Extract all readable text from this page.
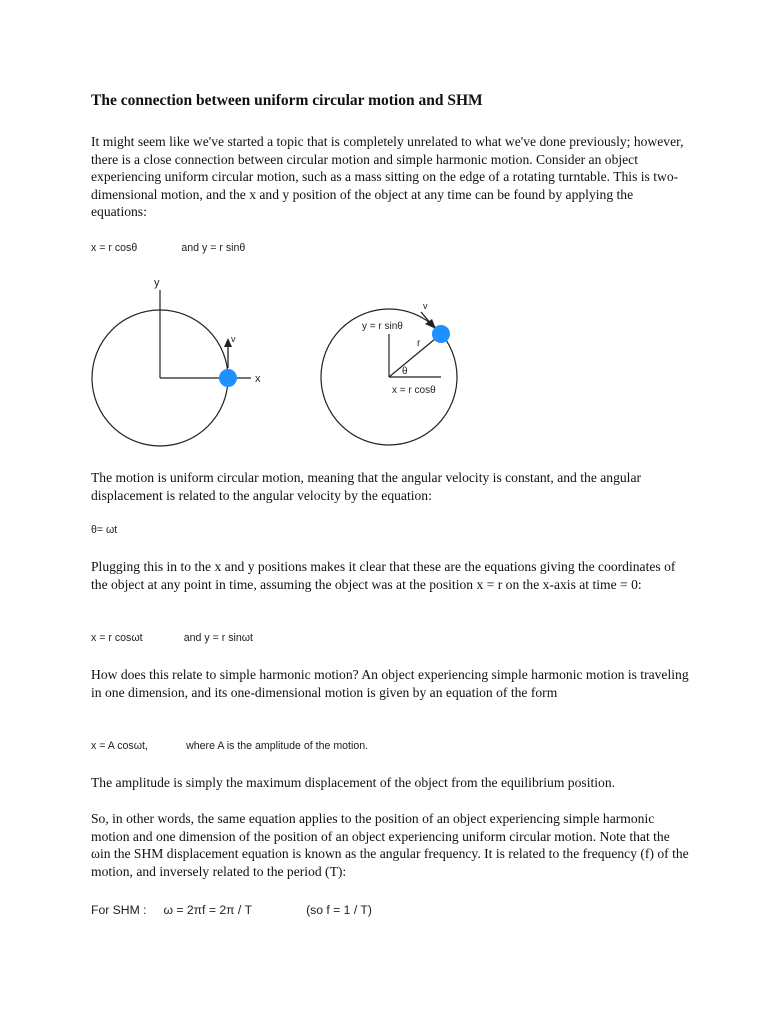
The connection between uniform circular motion and SHM

It might seem like we've started a topic that is completely unrelated to what we've done previously; however, there is a close connection between circular motion and simple harmonic motion. Consider an object experiencing uniform circular motion, such as a mass sitting on the edge of a rotating turntable. This is two-dimensional motion, and the x and y position of the object at any time can be found by applying the equations:

x = r cosθ               and y = r sinθ

y
x
v
v
y = r sinθ
r
θ
x = r cosθ

The motion is uniform circular motion, meaning that the angular velocity is constant, and the angular displacement is related to the angular velocity by the equation:

θ= ωt

Plugging this in to the x and y positions makes it clear that these are the equations giving the coordinates of the object at any point in time, assuming the object was at the position x = r on the x-axis at time = 0:

x = r cosωt              and y = r sinωt

How does this relate to simple harmonic motion? An object experiencing simple harmonic motion is traveling in one dimension, and its one-dimensional motion is given by an equation of the form

x = A cosωt,             where A is the amplitude of the motion.

The amplitude is simply the maximum displacement of the object from the equilibrium position.

So, in other words, the same equation applies to the position of an object experiencing simple harmonic motion and one dimension of the position of an object experiencing uniform circular motion. Note that the ωin the SHM displacement equation is known as the angular frequency. It is related to the frequency (f) of the motion, and inversely related to the period (T):

For SHM :     ω = 2πf = 2π / T                (so f = 1 / T)
